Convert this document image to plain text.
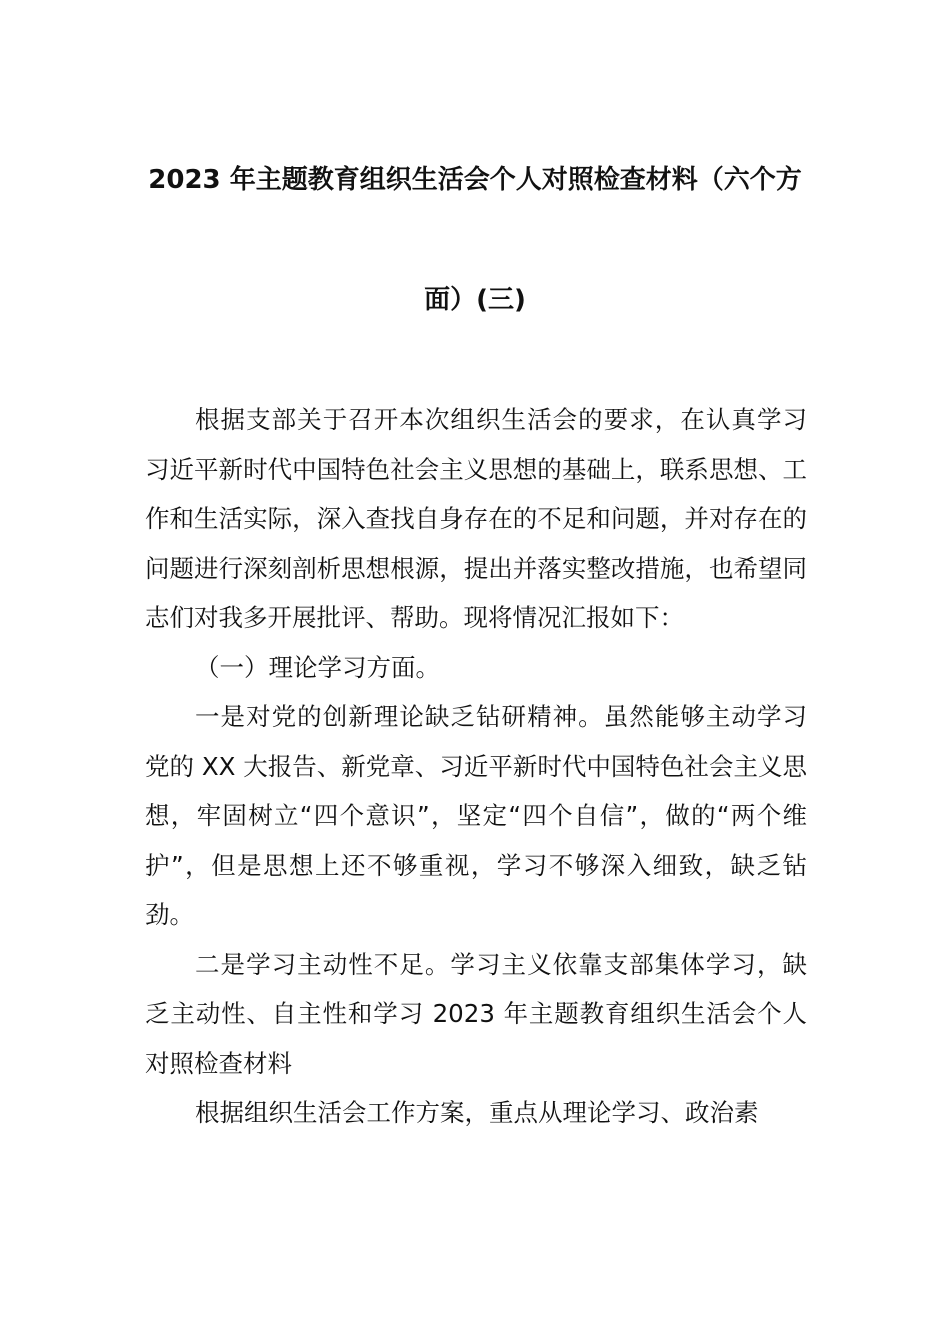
2023 年主题教育组织生活会个人对照检查材料（六个方
面）(三)

根据支部关于召开本次组织生活会的要求，在认真学习习近平新时代中国特色社会主义思想的基础上，联系思想、工作和生活实际，深入查找自身存在的不足和问题，并对存在的问题进行深刻剖析思想根源，提出并落实整改措施，也希望同志们对我多开展批评、帮助。现将情况汇报如下：

（一）理论学习方面。

一是对党的创新理论缺乏钻研精神。虽然能够主动学习党的 XX 大报告、新党章、习近平新时代中国特色社会主义思想，牢固树立“四个意识”，坚定“四个自信”，做的“两个维护”，但是思想上还不够重视，学习不够深入细致，缺乏钻劲。

二是学习主动性不足。学习主义依靠支部集体学习，缺乏主动性、自主性和学习 2023 年主题教育组织生活会个人对照检查材料

根据组织生活会工作方案，重点从理论学习、政治素
